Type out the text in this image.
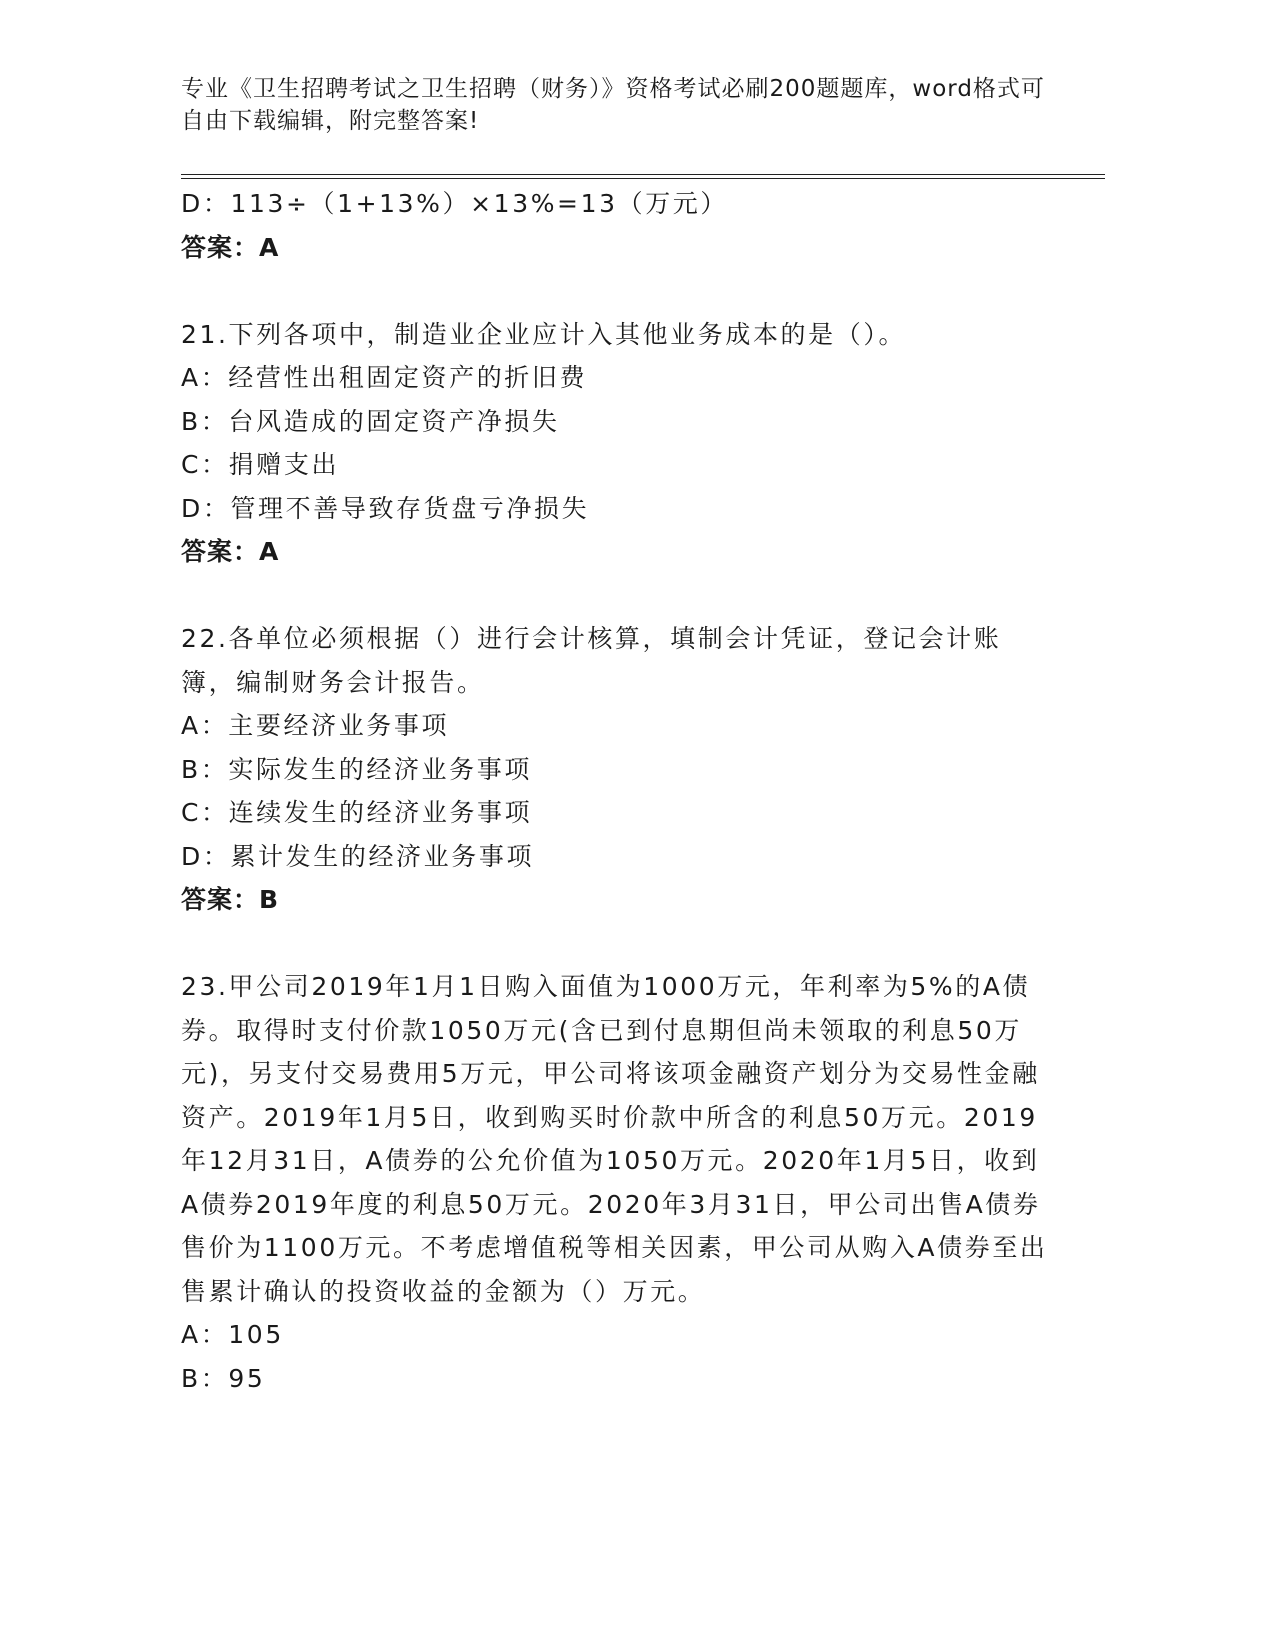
专业《卫生招聘考试之卫生招聘（财务）》资格考试必刷200题题库，word格式可自由下载编辑，附完整答案!
D：113÷（1+13%）×13%=13（万元）
答案：A
21.下列各项中，制造业企业应计入其他业务成本的是（）。
A：经营性出租固定资产的折旧费
B：台风造成的固定资产净损失
C：捐赠支出
D：管理不善导致存货盘亏净损失
答案：A
22.各单位必须根据（）进行会计核算，填制会计凭证，登记会计账簿，编制财务会计报告。
A：主要经济业务事项
B：实际发生的经济业务事项
C：连续发生的经济业务事项
D：累计发生的经济业务事项
答案：B
23.甲公司2019年1月1日购入面值为1000万元，年利率为5%的A债券。取得时支付价款1050万元(含已到付息期但尚未领取的利息50万元)，另支付交易费用5万元，甲公司将该项金融资产划分为交易性金融资产。2019年1月5日，收到购买时价款中所含的利息50万元。2019年12月31日，A债券的公允价值为1050万元。2020年1月5日，收到A债券2019年度的利息50万元。2020年3月31日，甲公司出售A债券售价为1100万元。不考虑增值税等相关因素，甲公司从购入A债券至出售累计确认的投资收益的金额为（）万元。
A：105
B：95
